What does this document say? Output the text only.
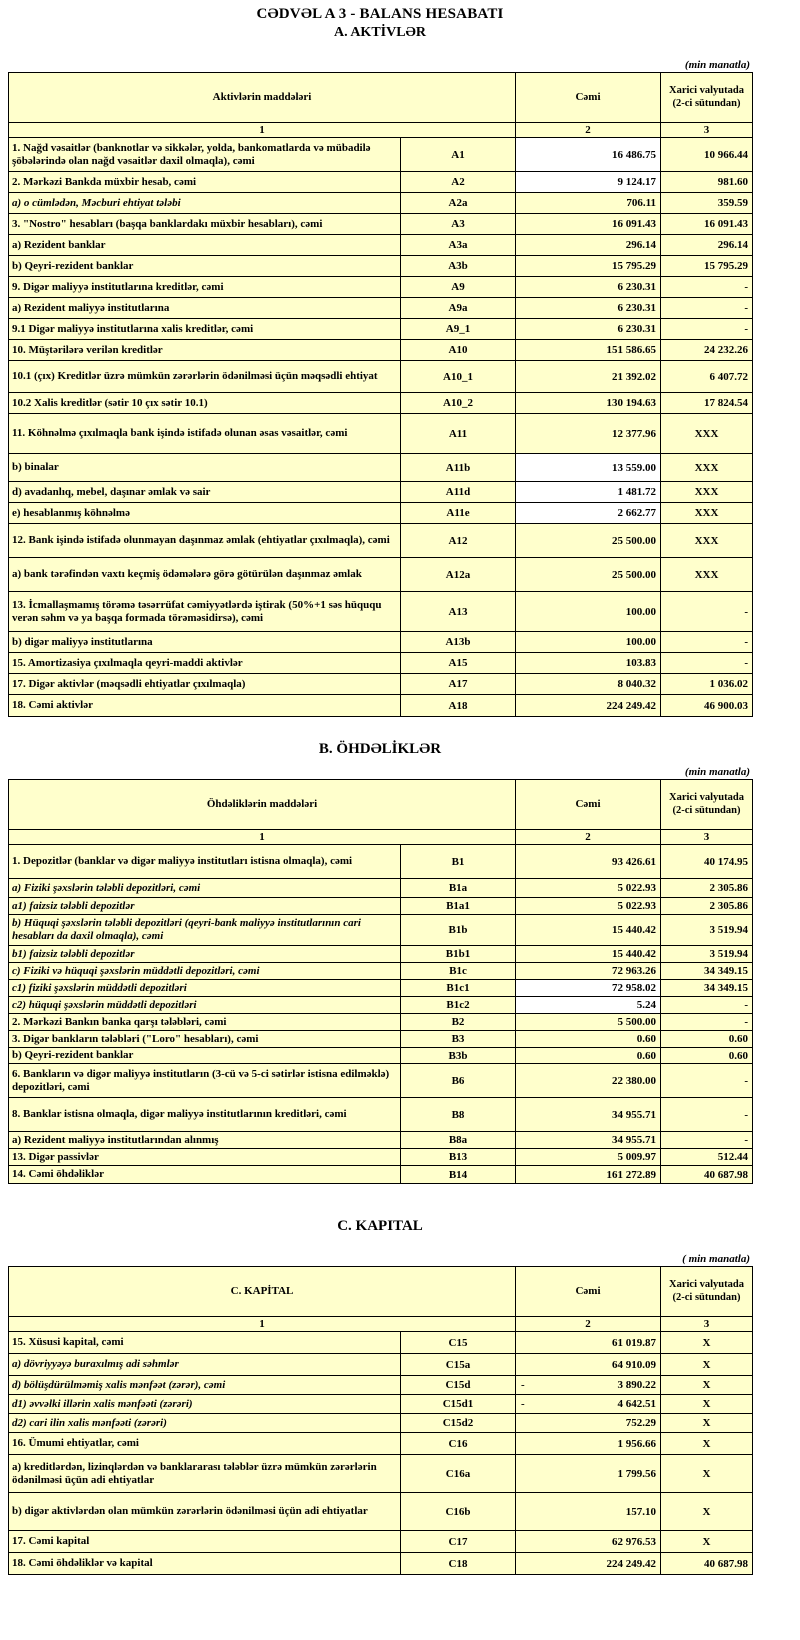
CƏDVƏL A 3 - BALANS HESABATI
A. AKTİVLƏR
(min manatla)
Aktivlərin maddələri		Cəmi	Xarici valyutada (2-ci sütundan)
1		2	3
1. Nağd vəsaitlər (banknotlar və sikkələr, yolda, bankomatlarda və mübadilə şöbələrində olan nağd vəsaitlər daxil olmaqla), cəmi	A1	16 486.75	10 966.44
2. Mərkəzi Bankda müxbir hesab, cəmi	A2	9 124.17	981.60
a) o cümlədən, Məcburi ehtiyat tələbi	A2a	706.11	359.59
3. "Nostro" hesabları (başqa banklardakı müxbir hesabları), cəmi	A3	16 091.43	16 091.43
a) Rezident banklar	A3a	296.14	296.14
b) Qeyri-rezident banklar	A3b	15 795.29	15 795.29
9. Digər maliyyə institutlarına kreditlər, cəmi	A9	6 230.31	-
a) Rezident maliyyə institutlarına	A9a	6 230.31	-
9.1 Digər maliyyə institutlarına xalis kreditlər, cəmi	A9_1	6 230.31	-
10. Müştərilərə verilən kreditlər	A10	151 586.65	24 232.26
10.1 (çıx) Kreditlər üzrə mümkün zərərlərin ödənilməsi üçün məqsədli ehtiyat	A10_1	21 392.02	6 407.72
10.2 Xalis kreditlər (sətir 10 çıx sətir 10.1)	A10_2	130 194.63	17 824.54
11. Köhnəlmə çıxılmaqla bank işində istifadə olunan əsas vəsaitlər, cəmi	A11	12 377.96	XXX
b) binalar	A11b	13 559.00	XXX
d) avadanlıq, mebel, daşınar əmlak və sair	A11d	1 481.72	XXX
e) hesablanmış köhnəlmə	A11e	2 662.77	XXX
12. Bank işində istifadə olunmayan daşınmaz əmlak (ehtiyatlar çıxılmaqla), cəmi	A12	25 500.00	XXX
a) bank tərəfindən vaxtı keçmiş ödəmələrə görə götürülən daşınmaz əmlak	A12a	25 500.00	XXX
13. İcmallaşmamış törəmə təsərrüfat cəmiyyətlərdə iştirak (50%+1 səs hüququ verən səhm və ya başqa formada törəməsidirsə), cəmi	A13	100.00	-
b) digər maliyyə institutlarına	A13b	100.00	-
15. Amortizasiya çıxılmaqla qeyri-maddi aktivlər	A15	103.83	-
17. Digər aktivlər (məqsədli ehtiyatlar çıxılmaqla)	A17	8 040.32	1 036.02
18. Cəmi aktivlər	A18	224 249.42	46 900.03
B. ÖHDƏLİKLƏR
(min manatla)
Öhdəliklərin maddələri		Cəmi	Xarici valyutada (2-ci sütundan)
1		2	3
1. Depozitlər (banklar və digər maliyyə institutları istisna olmaqla), cəmi	B1	93 426.61	40 174.95
a) Fiziki şəxslərin tələbli depozitləri, cəmi	B1a	5 022.93	2 305.86
a1) faizsiz tələbli depozitlər	B1a1	5 022.93	2 305.86
b) Hüquqi şəxslərin tələbli depozitləri (qeyri-bank maliyyə institutlarının cari hesabları da daxil olmaqla), cəmi	B1b	15 440.42	3 519.94
b1) faizsiz tələbli depozitlər	B1b1	15 440.42	3 519.94
c) Fiziki və hüquqi şəxslərin müddətli depozitləri, cəmi	B1c	72 963.26	34 349.15
c1) fiziki şəxslərin müddətli depozitləri	B1c1	72 958.02	34 349.15
c2) hüquqi şəxslərin müddətli depozitləri	B1c2	5.24	-
2. Mərkəzi Bankın banka qarşı tələbləri, cəmi	B2	5 500.00	-
3. Digər bankların tələbləri ("Loro" hesabları), cəmi	B3	0.60	0.60
b) Qeyri-rezident banklar	B3b	0.60	0.60
6. Bankların və digər maliyyə institutların (3-cü və 5-ci sətirlər istisna edilməklə) depozitləri, cəmi	B6	22 380.00	-
8. Banklar istisna olmaqla, digər maliyyə institutlarının kreditləri, cəmi	B8	34 955.71	-
a) Rezident maliyyə institutlarından alınmış	B8a	34 955.71	-
13. Digər passivlər	B13	5 009.97	512.44
14. Cəmi öhdəliklər	B14	161 272.89	40 687.98
C. KAPITAL
( min manatla)
C. KAPİTAL		Cəmi	Xarici valyutada (2-ci sütundan)
1		2	3
15. Xüsusi kapital, cəmi	C15	61 019.87	X
a) dövriyyəyə buraxılmış adi səhmlər	C15a	64 910.09	X
d) bölüşdürülməmiş xalis mənfəət (zərər), cəmi	C15d	- 3 890.22	X
d1) əvvəlki illərin xalis mənfəəti (zərəri)	C15d1	- 4 642.51	X
d2) cari ilin xalis mənfəəti (zərəri)	C15d2	752.29	X
16. Ümumi ehtiyatlar, cəmi	C16	1 956.66	X
a) kreditlərdən, lizinqlərdən və banklararası tələblər üzrə mümkün zərərlərin ödənilməsi üçün adi ehtiyatlar	C16a	1 799.56	X
b) digər aktivlərdən olan mümkün zərərlərin ödənilməsi üçün adi ehtiyatlar	C16b	157.10	X
17. Cəmi kapital	C17	62 976.53	X
18. Cəmi öhdəliklər və kapital	C18	224 249.42	40 687.98
